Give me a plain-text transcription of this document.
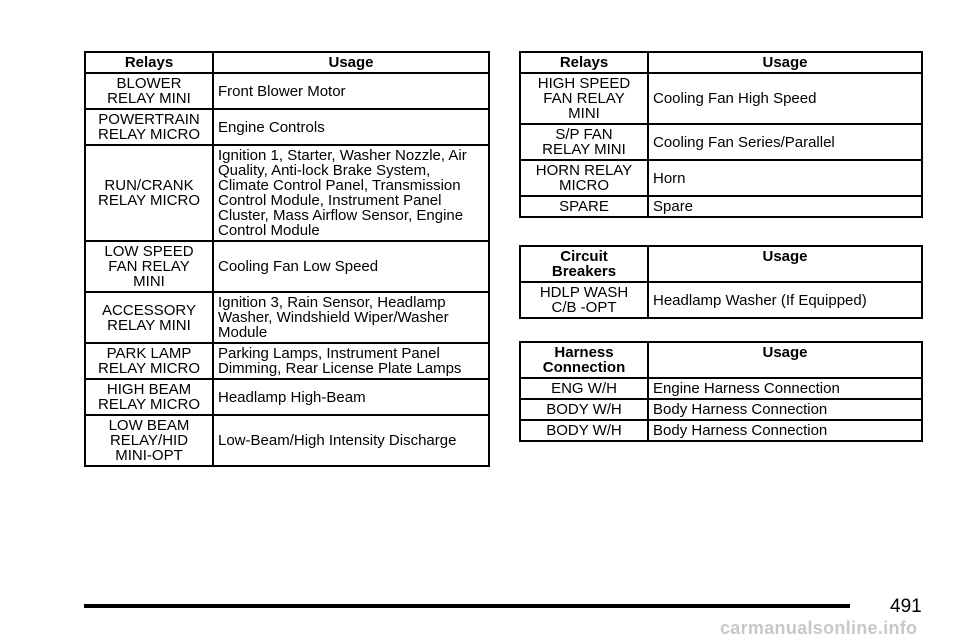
Relays	Usage
BLOWER
RELAY MINI	Front Blower Motor
POWERTRAIN
RELAY MICRO	Engine Controls
RUN/CRANK
RELAY MICRO	Ignition 1, Starter, Washer Nozzle, Air Quality, Anti-lock Brake System, Climate Control Panel, Transmission Control Module, Instrument Panel Cluster, Mass Airflow Sensor, Engine Control Module
LOW SPEED
FAN RELAY
MINI	Cooling Fan Low Speed
ACCESSORY
RELAY MINI	Ignition 3, Rain Sensor, Headlamp Washer, Windshield Wiper/Washer Module
PARK LAMP
RELAY MICRO	Parking Lamps, Instrument Panel Dimming, Rear License Plate Lamps
HIGH BEAM
RELAY MICRO	Headlamp High-Beam
LOW BEAM
RELAY/HID
MINI-OPT	Low-Beam/High Intensity Discharge
Relays	Usage
HIGH SPEED
FAN RELAY
MINI	Cooling Fan High Speed
S/P FAN
RELAY MINI	Cooling Fan Series/Parallel
HORN RELAY
MICRO	Horn
SPARE	Spare
Circuit
Breakers	Usage
HDLP WASH
C/B -OPT	Headlamp Washer (If Equipped)
Harness
Connection	Usage
ENG W/H	Engine Harness Connection
BODY W/H	Body Harness Connection
BODY W/H	Body Harness Connection
491
carmanualsonline.info
